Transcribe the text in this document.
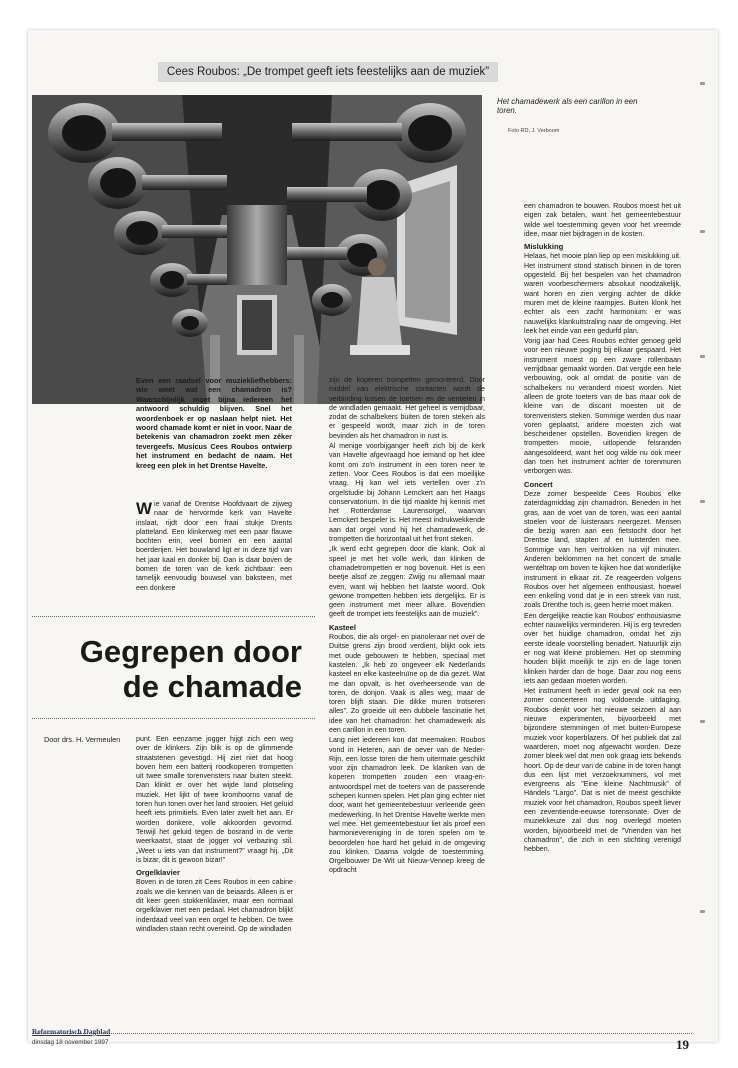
Cees Roubos: „De trompet geeft iets feestelijks aan de muziek”
Het chamadewerk als een carillon in een toren.
Foto RD, J. Verboom
Even een raadsel voor muziekliefhebbers: wie weet wat een chamadron is? Waarschijnlijk moet bijna iedereen het antwoord schuldig blijven. Snel het woordenboek er op naslaan helpt niet. Het woord chamade komt er niet in voor. Naar de betekenis van chamadron zoekt men zéker tevergeefs. Musicus Cees Roubos ontwierp het instrument en bedacht de naam. Het kreeg een plek in het Drentse Havelte.
Wie vanaf de Drentse Hoofdvaart de zijweg naar de hervormde kerk van Havelte inslaat, rijdt door een fraai stukje Drents platteland. Een klinkerweg met een paar flauwe bochten erin, veel bomen en een aantal boerderijen. Het bouwland ligt er in deze tijd van het jaar kaal en donker bij. Dan is daar boven de bomen de toren van de kerk zichtbaar: een tamelijk eenvoudig bouwsel van baksteen, met een donkere
Gegrepen door
de chamade
Door drs. H. Vermeulen punt. Een eenzame jogger hijgt zich een weg over de klinkers. Zijn blik is op de glimmende straatstenen gevestigd. Hij ziet niet dat hoog boven hem een batterij roodkoperen trompetten uit twee smalle torenvensters naar buiten steekt. Dan klinkt er over het wijde land plotseling muziek. Het lijkt of twee kromhoorns vanaf de toren hun tonen over het land strooien. Het geluid heeft iets primitiefs. Even later zwelt het aan. Er worden donkere, volle akkoorden gevormd. Terwijl het geluid tegen de bosrand in de verte weerkaatst, staat de jogger vol verbazing stil. „Weet u iets van dat instrument?” vraagt hij. „Dit is bizar, dit is gewoon bizar!”

Orgelklavier

Boven in de toren zit Cees Roubos in een cabine zoals we die kennen van de beiaards. Alleen is er dit keer geen stokkenklavier, maar een normaal orgelklavier met een pedaal. Het chamadron blijkt inderdaad veel van een orgel te hebben. De twee windladen staan recht overeind. Op de windladen

zijn de koperen trompetten gemonteerd. Door middel van elektrische contacten wordt de verbinding tussen de toetsen en de ventielen in de windladen gemaakt. Het geheel is verrijdbaar, zodat de schalbekers buiten de toren steken als er gespeeld wordt, maar zich in de toren bevinden als het chamadron in rust is.

Al menige voorbijganger heeft zich bij de kerk van Havelte afgevraagd hoe iemand op het idee komt om zo'n instrument in een toren neer te zetten. Voor Cees Roubos is dat een moeilijke vraag. Hij kan wel iets vertellen over z'n orgelstudie bij Johann Lemckert aan het Haags conservatorium. In die tijd maakte hij kennis met het Rotterdamse Laurensorgel, waarvan Lemckert bespeler is. Het meest indrukwekkende aan dat orgel vond hij het chamadewerk, de trompetten die horizontaal uit het front steken.

„Ik werd echt gegrepen door die klank. Ook al speel je met het volle werk, dan klinken de chamadetrompetten er nog bovenuit. Het is een beetje alsof ze zeggen: Zwijg nu allemaal maar even, want wij hebben het laatste woord. Ook gewone trompetten hebben iets dergelijks. Er is geen instrument met meer allure. Bovendien geeft de trompet iets feestelijks aan de muziek”.

Kasteel

Roubos, die als orgel- en pianoleraar net over de Duitse grens zijn brood verdient, blijkt ook iets met oude gebouwen te hebben, speciaal met kastelen. „Ik heb zo ongeveer elk Nederlands kasteel en elke kasteelruïne op de dia gezet. Wat me dan opvalt, is het overheersende van de toren, de donjon. Vaak is alles weg, maar de toren blijft staan. Die dikke muren trotseren alles”. Zo groeide uit een dubbele fascinatie het idee van het chamadron: het chamadewerk als een carillon in een toren.

Lang niet iedereen kon dat meemaken. Roubos vond in Heteren, aan de oever van de Neder-Rijn, een losse toren die hem uitermate geschikt voor zijn chamadron leek. De klanken van de koperen trompetten zouden een vraag-en-antwoordspel met de toeters van de passerende schepen kunnen spelen. Het plan ging echter niet door, want het gemeentebestuur verleende geen medewerking. In het Drentse Havelte werkte men wel mee. Het gemeentebestuur liet als proef een harmonievereniging in de toren spelen om te beoordelen hoe hard het geluid in de omgeving zou klinken. Daarna volgde de toestemming. Orgelbouwer De Wit uit Nieuw-Vennep kreeg de opdracht

een chamadron te bouwen. Roubos moest het uit eigen zak betalen, want het gemeentebestuur wilde wel toestemming geven voor het vreemde idee, maar niet bijdragen in de kosten.

Mislukking

Helaas, het mooie plan liep op een mislukking uit. Het instrument stond statisch binnen in de toren opgesteld. Bij het bespelen van het chamadron waren voorbeschermers absoluut noodzakelijk, want horen en zien verging achter de dikke muren met de kleine raampjes. Buiten klonk het echter als een zacht harmonium: er was nauwelijks klankuitstraling naar de omgeving. Het leek het einde van een gedurfd plan.

Vorig jaar had Cees Roubos echter genoeg geld voor een nieuwe poging bij elkaar gespaard. Het instrument moest op een zware rollenbaan verrijdbaar gemaakt worden. Dat vergde een hele verbouwing, ook al omdat de positie van de schalbekers nu veranderd moest worden. Niet alleen de grote toeters van de bas maar ook de kleine van de discant moesten uit de torenvensters steken. Sommige werden dus naar voren geplaatst, andere moesten zich wat bescheidener opstellen. Bovendien kregen de trompetten mooie, uitlopende felsranden aangesoldeerd, want het oog wilde nu ook meer dan toen het instrument achter de torenmuren verborgen was.

Concert

Deze zomer bespeelde Cees Roubos elke zaterdagmiddag zijn chamadron. Beneden in het gras, aan de voet van de toren, was een aantal stoelen voor de luisteraars neergezet. Mensen die bezig waren aan een fietstocht door het Drentse land, stapten af en luisterden mee. Sommige van hen vertrokken na vijf minuten. Anderen beklommen na het concert de smalle wenteltrap om boven te kijken hoe dat wonderlijke instrument in elkaar zit. Ze reageerden volgens Roubos over het algemeen enthousiast, hoewel een enkeling vond dat je in een streek van rust, zoals Drenthe toch is, geen herrie moet maken.

Een dergelijke reactie kan Roubos' enthousiasme echter nauwelijks verminderen. Hij is erg tevreden over het huidige chamadron, omdat het zijn eerste ideale voorstelling benadert. Natuurlijk zijn er nog wat kleine problemen. Het op stemming houden blijkt moeilijk te zijn en de lage tonen klinken harder dan de hoge. Daar zou nog eens iets aan gedaan moeten worden.

Het instrument heeft in ieder geval ook na een zomer concerteren nog voldoende uitdaging. Roubos denkt voor het nieuwe seizoen al aan nieuwe experimenten, bijvoorbeeld met bijzondere stemmingen of met buiten-Europese muziek voor koperblazers. Of het publiek dat zal waarderen, moet nog afgewacht worden. Deze zomer bleek wel dat men ook graag iets bekends hoort. Op de deur van de cabine in de toren hangt dus een lijst met verzoeknummers, vol met evergreens als "Eine kleine Nachtmusik" of Händels "Largo". Dat is niet de meest geschikte muziek voor het chamadron, Roubos speelt liever een zeventiende-eeuwse torensonate. Over de muziekkeuze zal dus nog overlegd moeten worden, bijvoorbeeld met de "Vrienden van het chamadron", die zich in een stichting verenigd hebben.

Reformatorisch Dagblad
dinsdag 18 november 1997	19
